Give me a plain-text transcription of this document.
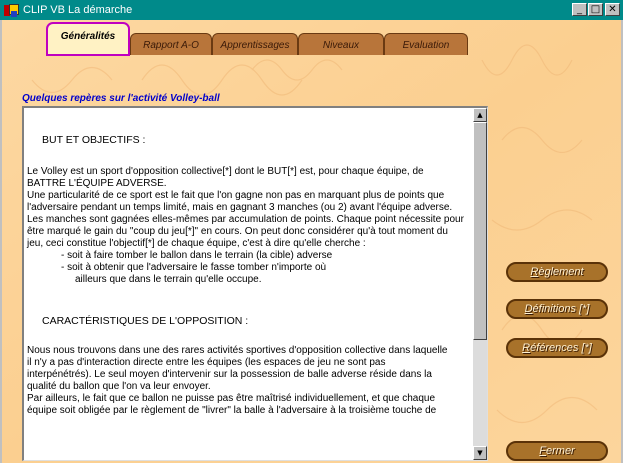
CLIP VB La démarche	_ □ ✕
Rapport A-O	Apprentissages	Niveaux	Evaluation
Généralités
Quelques repères sur l'activité Volley-ball

BUT ET OBJECTIFS :

Le Volley est un sport d'opposition collective[*] dont le BUT[*] est, pour chaque équipe, de

BATTRE L'ÉQUIPE ADVERSE.

Une particularité de ce sport est le fait que l'on gagne non pas en marquant plus de points que

l'adversaire pendant un temps limité, mais en gagnant 3 manches (ou 2) avant l'équipe adverse.

Les manches sont gagnées elles-mêmes par accumulation de points. Chaque point nécessite pour

être marqué le gain du "coup du jeu[*]" en cours. On peut donc considérer qu'à tout moment du

jeu, ceci constitue l'objectif[*] de chaque équipe, c'est à dire qu'elle cherche :

- soit à faire tomber le ballon dans le terrain (la cible) adverse

- soit à obtenir que l'adversaire le fasse tomber n'importe où

ailleurs que dans le terrain qu'elle occupe.

CARACTÉRISTIQUES DE L'OPPOSITION :

Nous nous trouvons dans une des rares activités sportives d'opposition collective dans laquelle

il n'y a pas d'interaction directe entre les équipes (les espaces de jeu ne sont pas

interpénétrés). Le seul moyen d'intervenir sur la possession de balle adverse réside dans la

qualité du ballon que l'on va leur envoyer.

Par ailleurs, le fait que ce ballon ne puisse pas être maîtrisé individuellement, et que chaque

équipe soit obligée par le règlement de "livrer" la balle à l'adversaire à la troisième touche de

▲
▼
Règlement
Définitions [*]
Références [*]
Fermer
